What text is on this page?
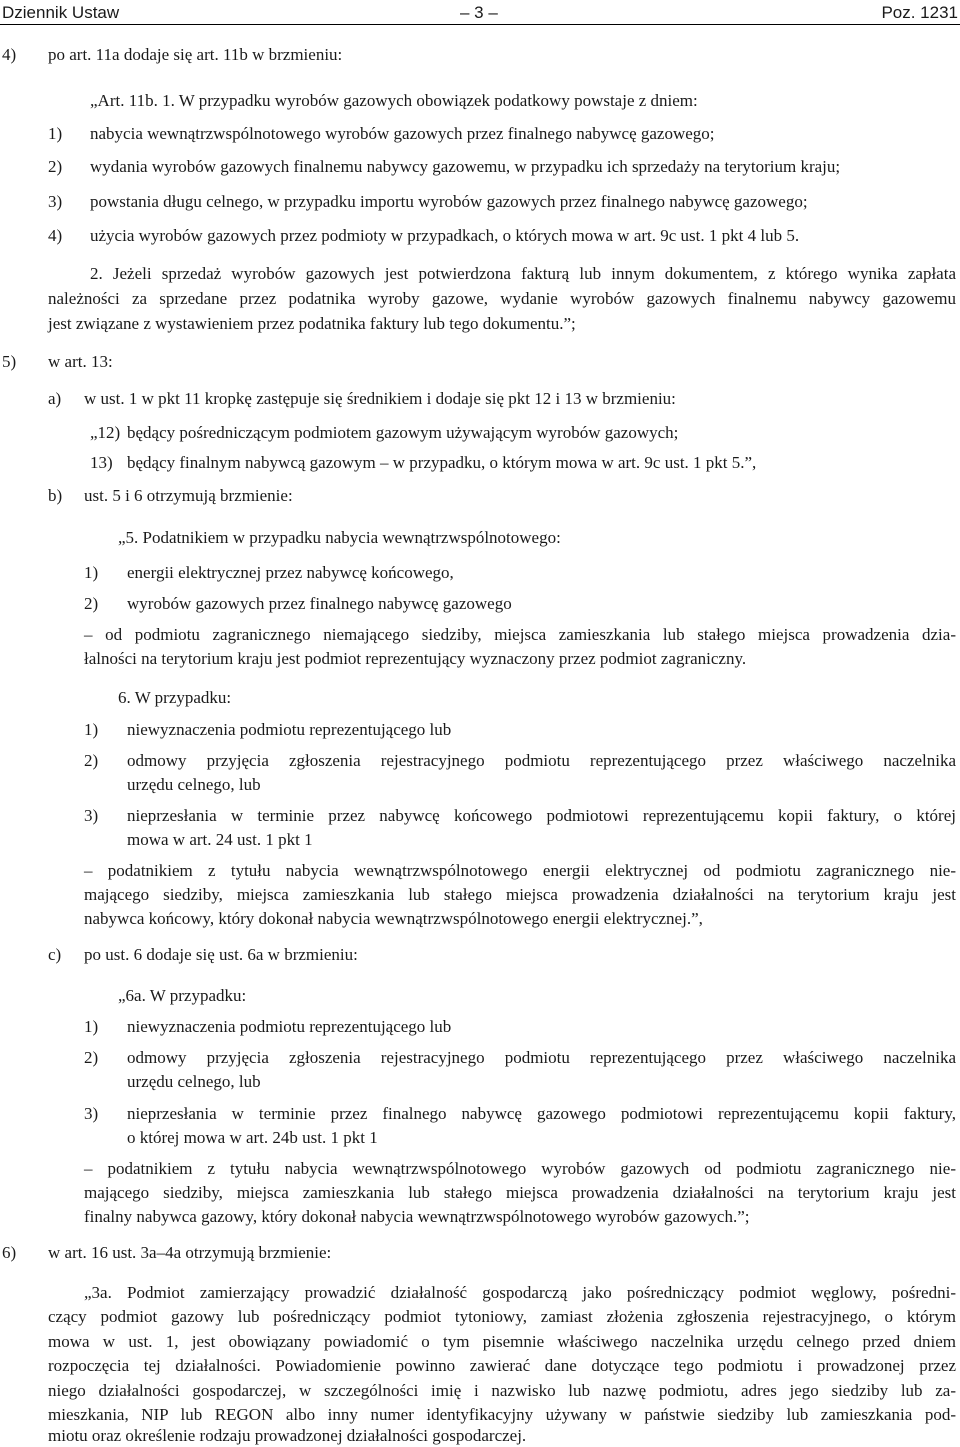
Dziennik Ustaw	– 3 –	Poz. 1231
4) po art. 11a dodaje się art. 11b w brzmieniu:
„Art. 11b. 1. W przypadku wyrobów gazowych obowiązek podatkowy powstaje z dniem:
1) nabycia wewnątrzwspólnotowego wyrobów gazowych przez finalnego nabywcę gazowego;
2) wydania wyrobów gazowych finalnemu nabywcy gazowemu, w przypadku ich sprzedaży na terytorium kraju;
3) powstania długu celnego, w przypadku importu wyrobów gazowych przez finalnego nabywcę gazowego;
4) użycia wyrobów gazowych przez podmioty w przypadkach, o których mowa w art. 9c ust. 1 pkt 4 lub 5.
2. Jeżeli sprzedaż wyrobów gazowych jest potwierdzona fakturą lub innym dokumentem, z którego wynika zapłata
należności za sprzedane przez podatnika wyroby gazowe, wydanie wyrobów gazowych finalnemu nabywcy gazowemu
jest związane z wystawieniem przez podatnika faktury lub tego dokumentu.”;
5) w art. 13:
a) w ust. 1 w pkt 11 kropkę zastępuje się średnikiem i dodaje się pkt 12 i 13 w brzmieniu:
„12) będący pośredniczącym podmiotem gazowym używającym wyrobów gazowych;
13) będący finalnym nabywcą gazowym – w przypadku, o którym mowa w art. 9c ust. 1 pkt 5.”,
b) ust. 5 i 6 otrzymują brzmienie:
„5. Podatnikiem w przypadku nabycia wewnątrzwspólnotowego:
1) energii elektrycznej przez nabywcę końcowego,
2) wyrobów gazowych przez finalnego nabywcę gazowego
– od podmiotu zagranicznego niemającego siedziby, miejsca zamieszkania lub stałego miejsca prowadzenia dzia-
łalności na terytorium kraju jest podmiot reprezentujący wyznaczony przez podmiot zagraniczny.
6. W przypadku:
1) niewyznaczenia podmiotu reprezentującego lub
2) odmowy przyjęcia zgłoszenia rejestracyjnego podmiotu reprezentującego przez właściwego naczelnika
urzędu celnego, lub
3) nieprzesłania w terminie przez nabywcę końcowego podmiotowi reprezentującemu kopii faktury, o której
mowa w art. 24 ust. 1 pkt 1
– podatnikiem z tytułu nabycia wewnątrzwspólnotowego energii elektrycznej od podmiotu zagranicznego nie-
mającego siedziby, miejsca zamieszkania lub stałego miejsca prowadzenia działalności na terytorium kraju jest
nabywca końcowy, który dokonał nabycia wewnątrzwspólnotowego energii elektrycznej.”,
c) po ust. 6 dodaje się ust. 6a w brzmieniu:
„6a. W przypadku:
1) niewyznaczenia podmiotu reprezentującego lub
2) odmowy przyjęcia zgłoszenia rejestracyjnego podmiotu reprezentującego przez właściwego naczelnika
urzędu celnego, lub
3) nieprzesłania w terminie przez finalnego nabywcę gazowego podmiotowi reprezentującemu kopii faktury,
o której mowa w art. 24b ust. 1 pkt 1
– podatnikiem z tytułu nabycia wewnątrzwspólnotowego wyrobów gazowych od podmiotu zagranicznego nie-
mającego siedziby, miejsca zamieszkania lub stałego miejsca prowadzenia działalności na terytorium kraju jest
finalny nabywca gazowy, który dokonał nabycia wewnątrzwspólnotowego wyrobów gazowych.”;
6) w art. 16 ust. 3a–4a otrzymują brzmienie:
„3a. Podmiot zamierzający prowadzić działalność gospodarczą jako pośredniczący podmiot węglowy, pośredni-
czący podmiot gazowy lub pośredniczący podmiot tytoniowy, zamiast złożenia zgłoszenia rejestracyjnego, o którym
mowa w ust. 1, jest obowiązany powiadomić o tym pisemnie właściwego naczelnika urzędu celnego przed dniem
rozpoczęcia tej działalności. Powiadomienie powinno zawierać dane dotyczące tego podmiotu i prowadzonej przez
niego działalności gospodarczej, w szczególności imię i nazwisko lub nazwę podmiotu, adres jego siedziby lub za-
mieszkania, NIP lub REGON albo inny numer identyfikacyjny używany w państwie siedziby lub zamieszkania pod-
miotu oraz określenie rodzaju prowadzonej działalności gospodarczej.
